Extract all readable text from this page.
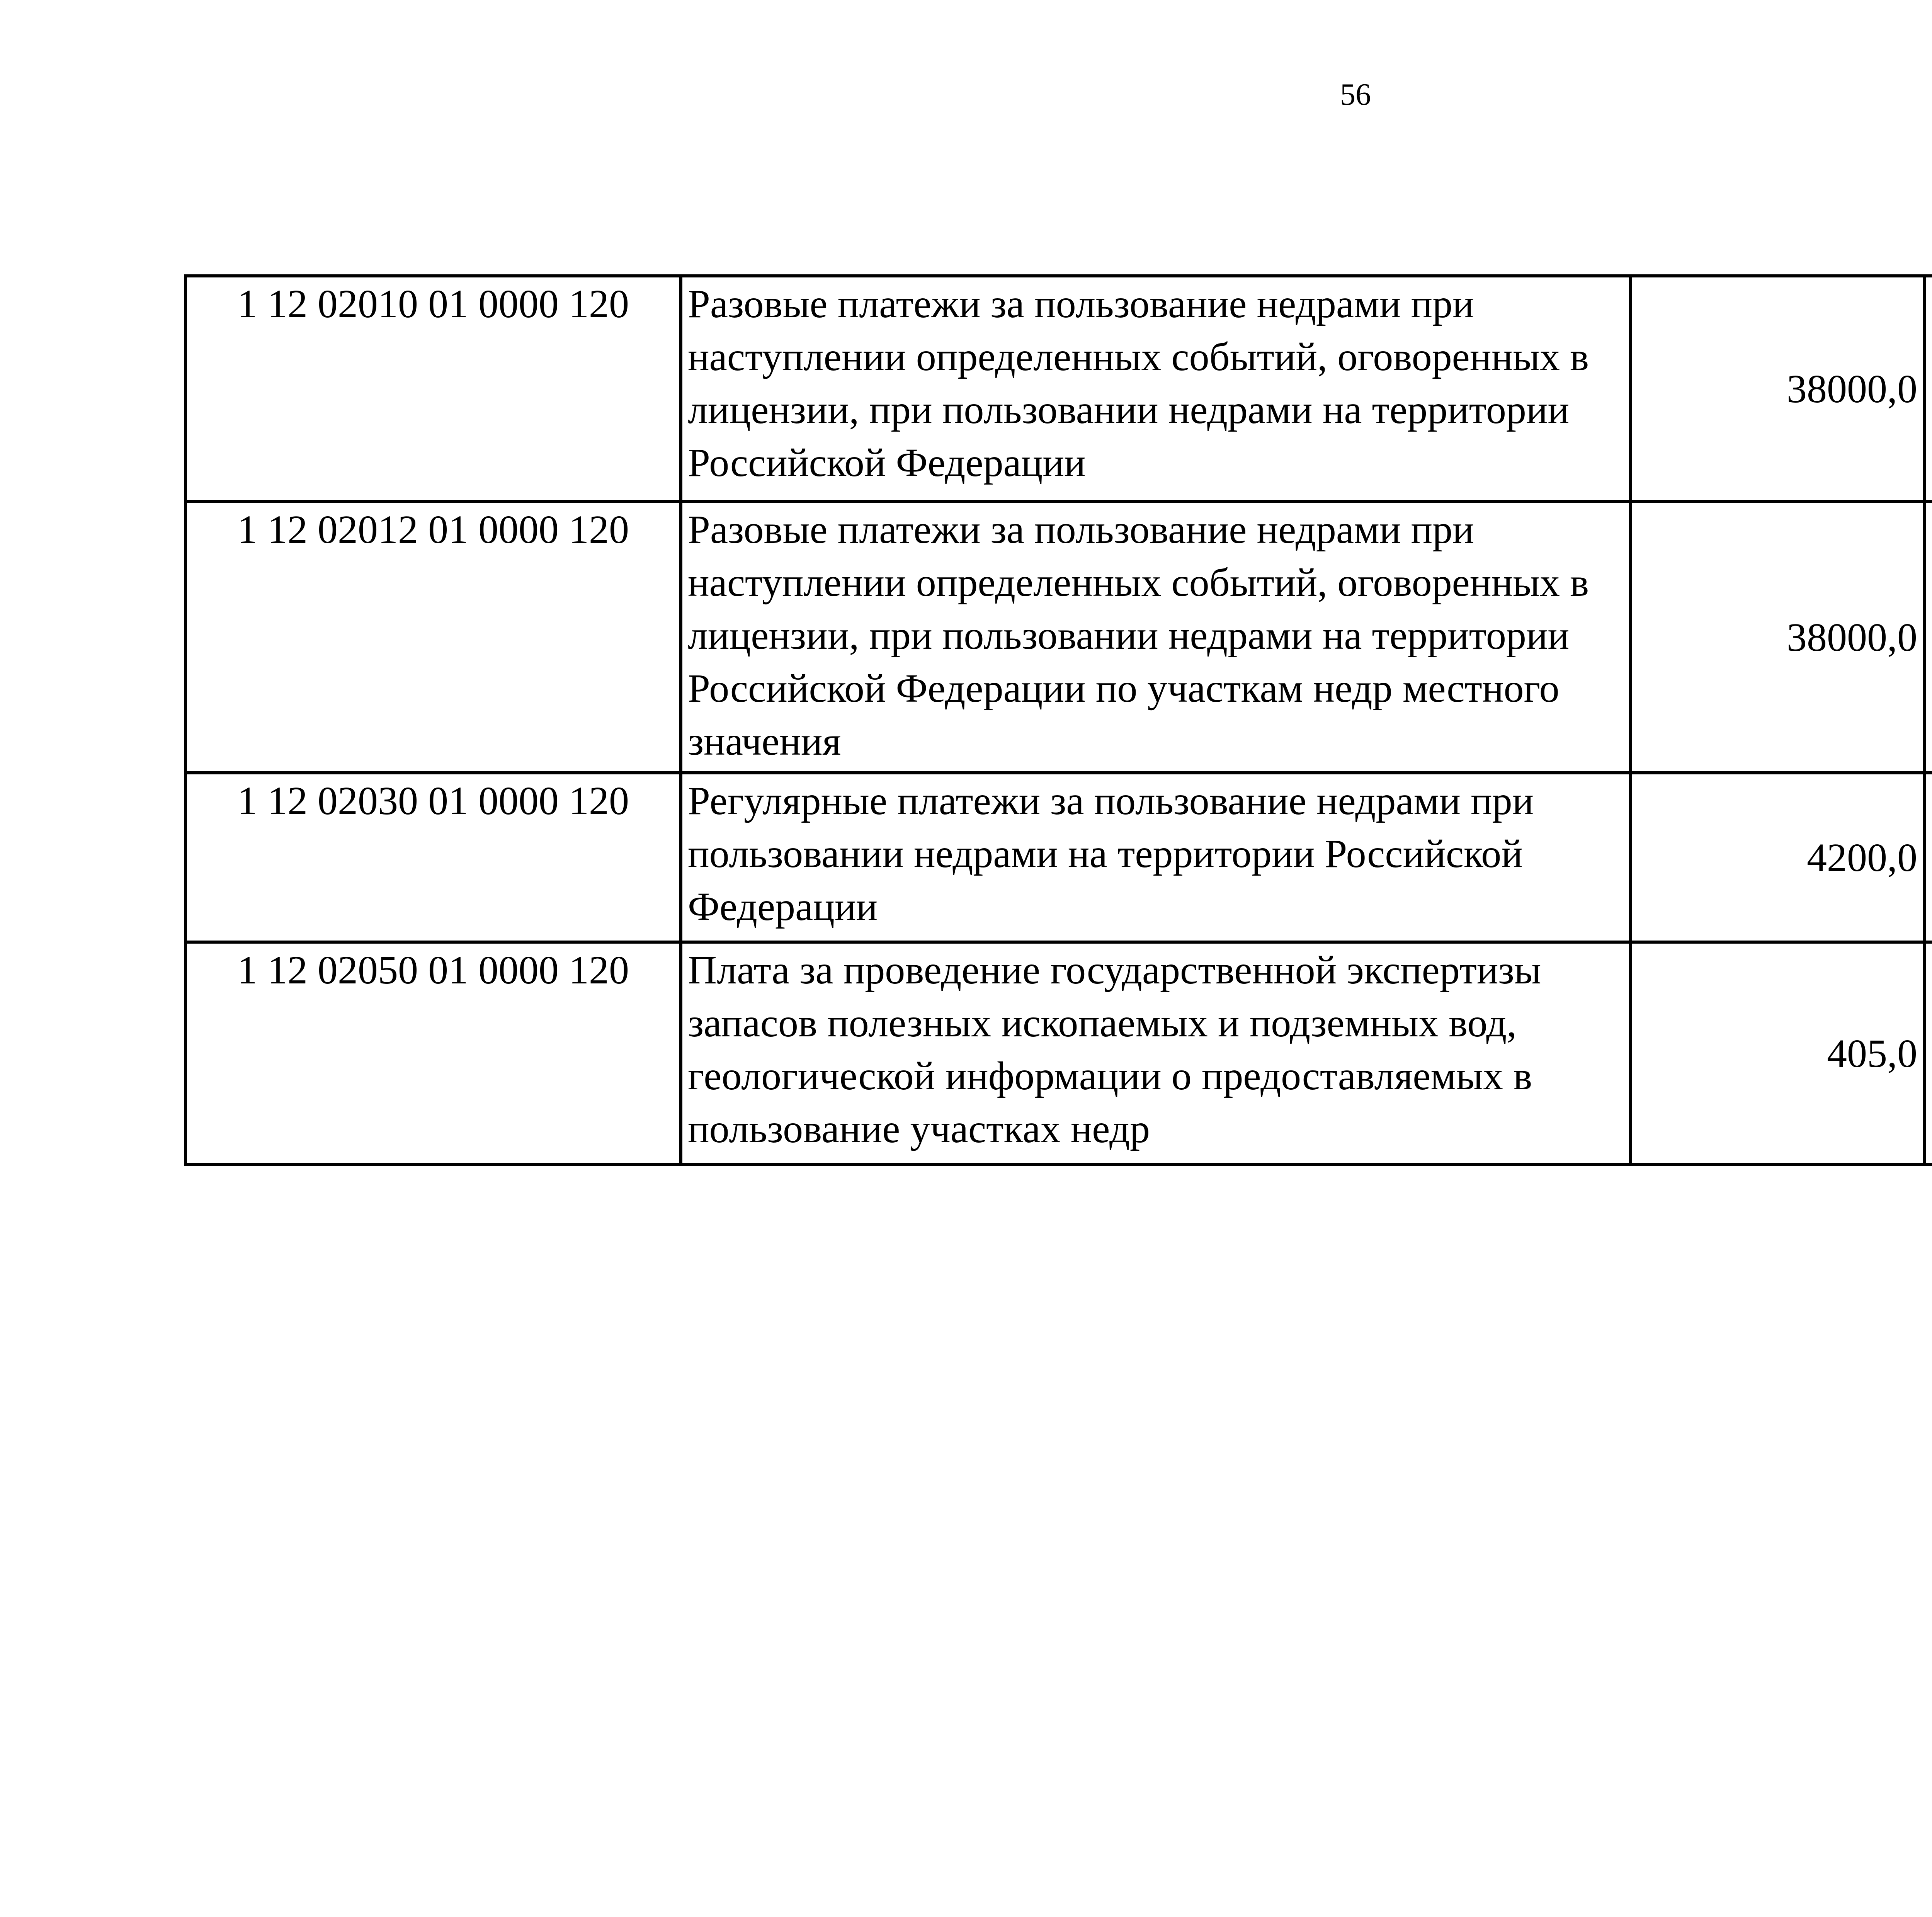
56
1 12 02010 01 0000 120	Разовые платежи за пользование недрами при наступлении определенных событий, оговоренных в лицензии, при пользовании недрами на территории Российской Федерации	38000,0		
1 12 02012 01 0000 120	Разовые платежи за пользование недрами при наступлении определенных событий, оговоренных в лицензии, при пользовании недрами на территории Российской Федерации по участкам недр местного значения	38000,0		
1 12 02030 01 0000 120	Регулярные платежи за пользование недрами при пользовании недрами на территории Российской Федерации	4200,0		
1 12 02050 01 0000 120	Плата за проведение государственной экспертизы запасов полезных ископаемых и подземных вод, геологической информации о предоставляемых в пользование участках недр	405,0		
